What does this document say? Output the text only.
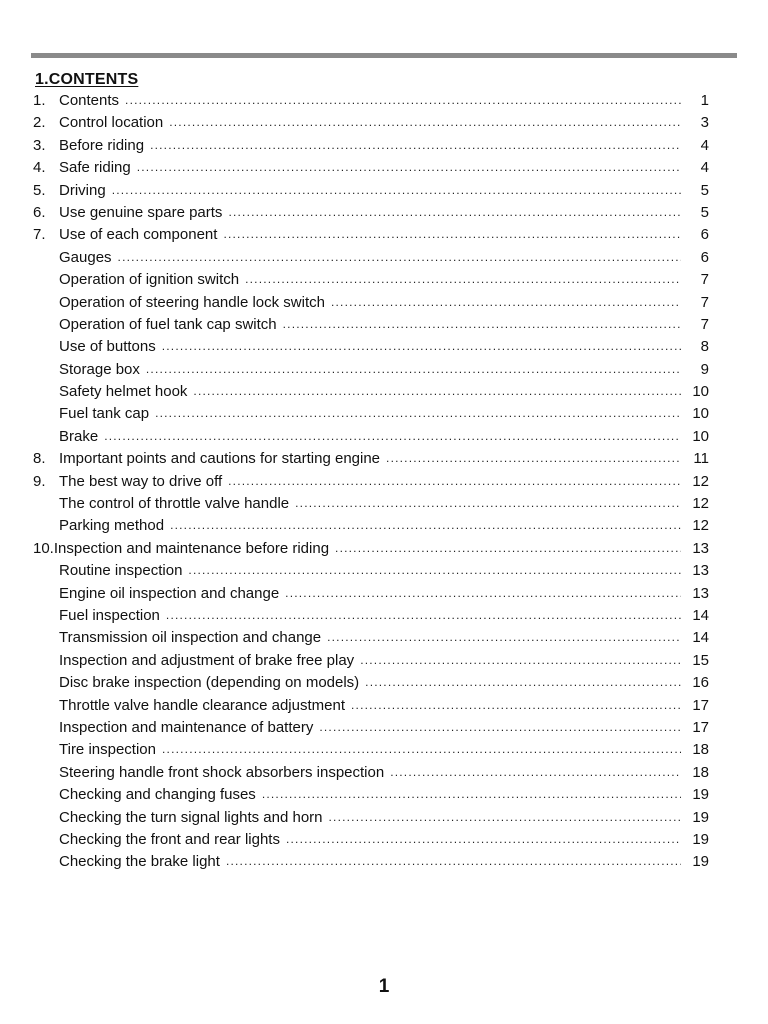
1.CONTENTS
1. Contents .....	1
2. Control location .....	3
3. Before riding .....	4
4. Safe riding .....	4
5. Driving .....	5
6. Use genuine spare parts .....	5
7. Use of each component .....	6
Gauges .....	6
Operation of ignition switch .....	7
Operation of steering handle lock switch .....	7
Operation of fuel tank cap switch .....	7
Use of buttons .....	8
Storage box .....	9
Safety helmet hook .....	10
Fuel tank cap .....	10
Brake .....	10
8. Important points and cautions for starting engine .....	11
9. The best way to drive off .....	12
The control of throttle valve handle .....	12
Parking method .....	12
10. Inspection and maintenance before riding .....	13
Routine inspection .....	13
Engine oil inspection and change .....	13
Fuel inspection .....	14
Transmission oil inspection and change .....	14
Inspection and adjustment of brake free play .....	15
Disc brake inspection (depending on models) .....	16
Throttle valve handle clearance adjustment .....	17
Inspection and maintenance of battery .....	17
Tire inspection .....	18
Steering handle front shock absorbers inspection .....	18
Checking and changing fuses .....	19
Checking the turn signal lights and horn .....	19
Checking the front and rear lights .....	19
Checking the brake light .....	19
1
